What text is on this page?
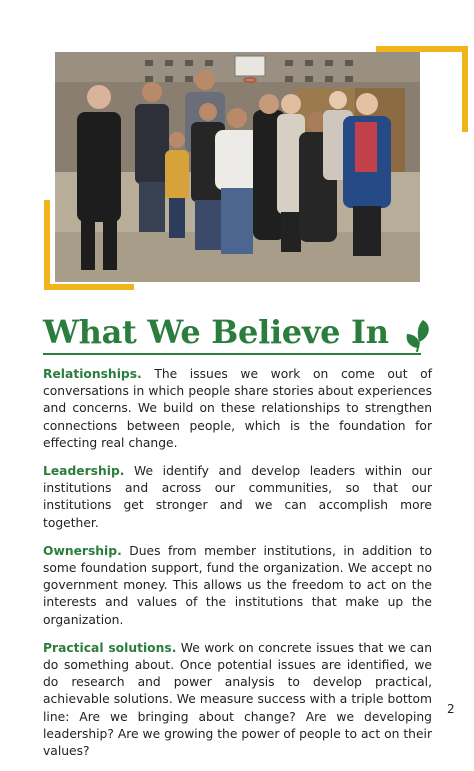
What We Believe In

Relationships. The issues we work on come out of conversations in which people share stories about experiences and concerns. We build on these relationships to strengthen connections between people, which is the foundation for effecting real change.

Leadership. We identify and develop leaders within our institutions and across our communities, so that our institutions get stronger and we can accomplish more together.

Ownership. Dues from member institutions, in addition to some foundation support, fund the organization. We accept no government money. This allows us the freedom to act on the interests and values of the institutions that make up the organization.

Practical solutions. We work on concrete issues that we can do something about. Once potential issues are identified, we do research and power analysis to develop practical, achievable solutions. We measure success with a triple bottom line: Are we bringing about change? Are we developing leadership? Are we growing the power of people to act on their values?

2
